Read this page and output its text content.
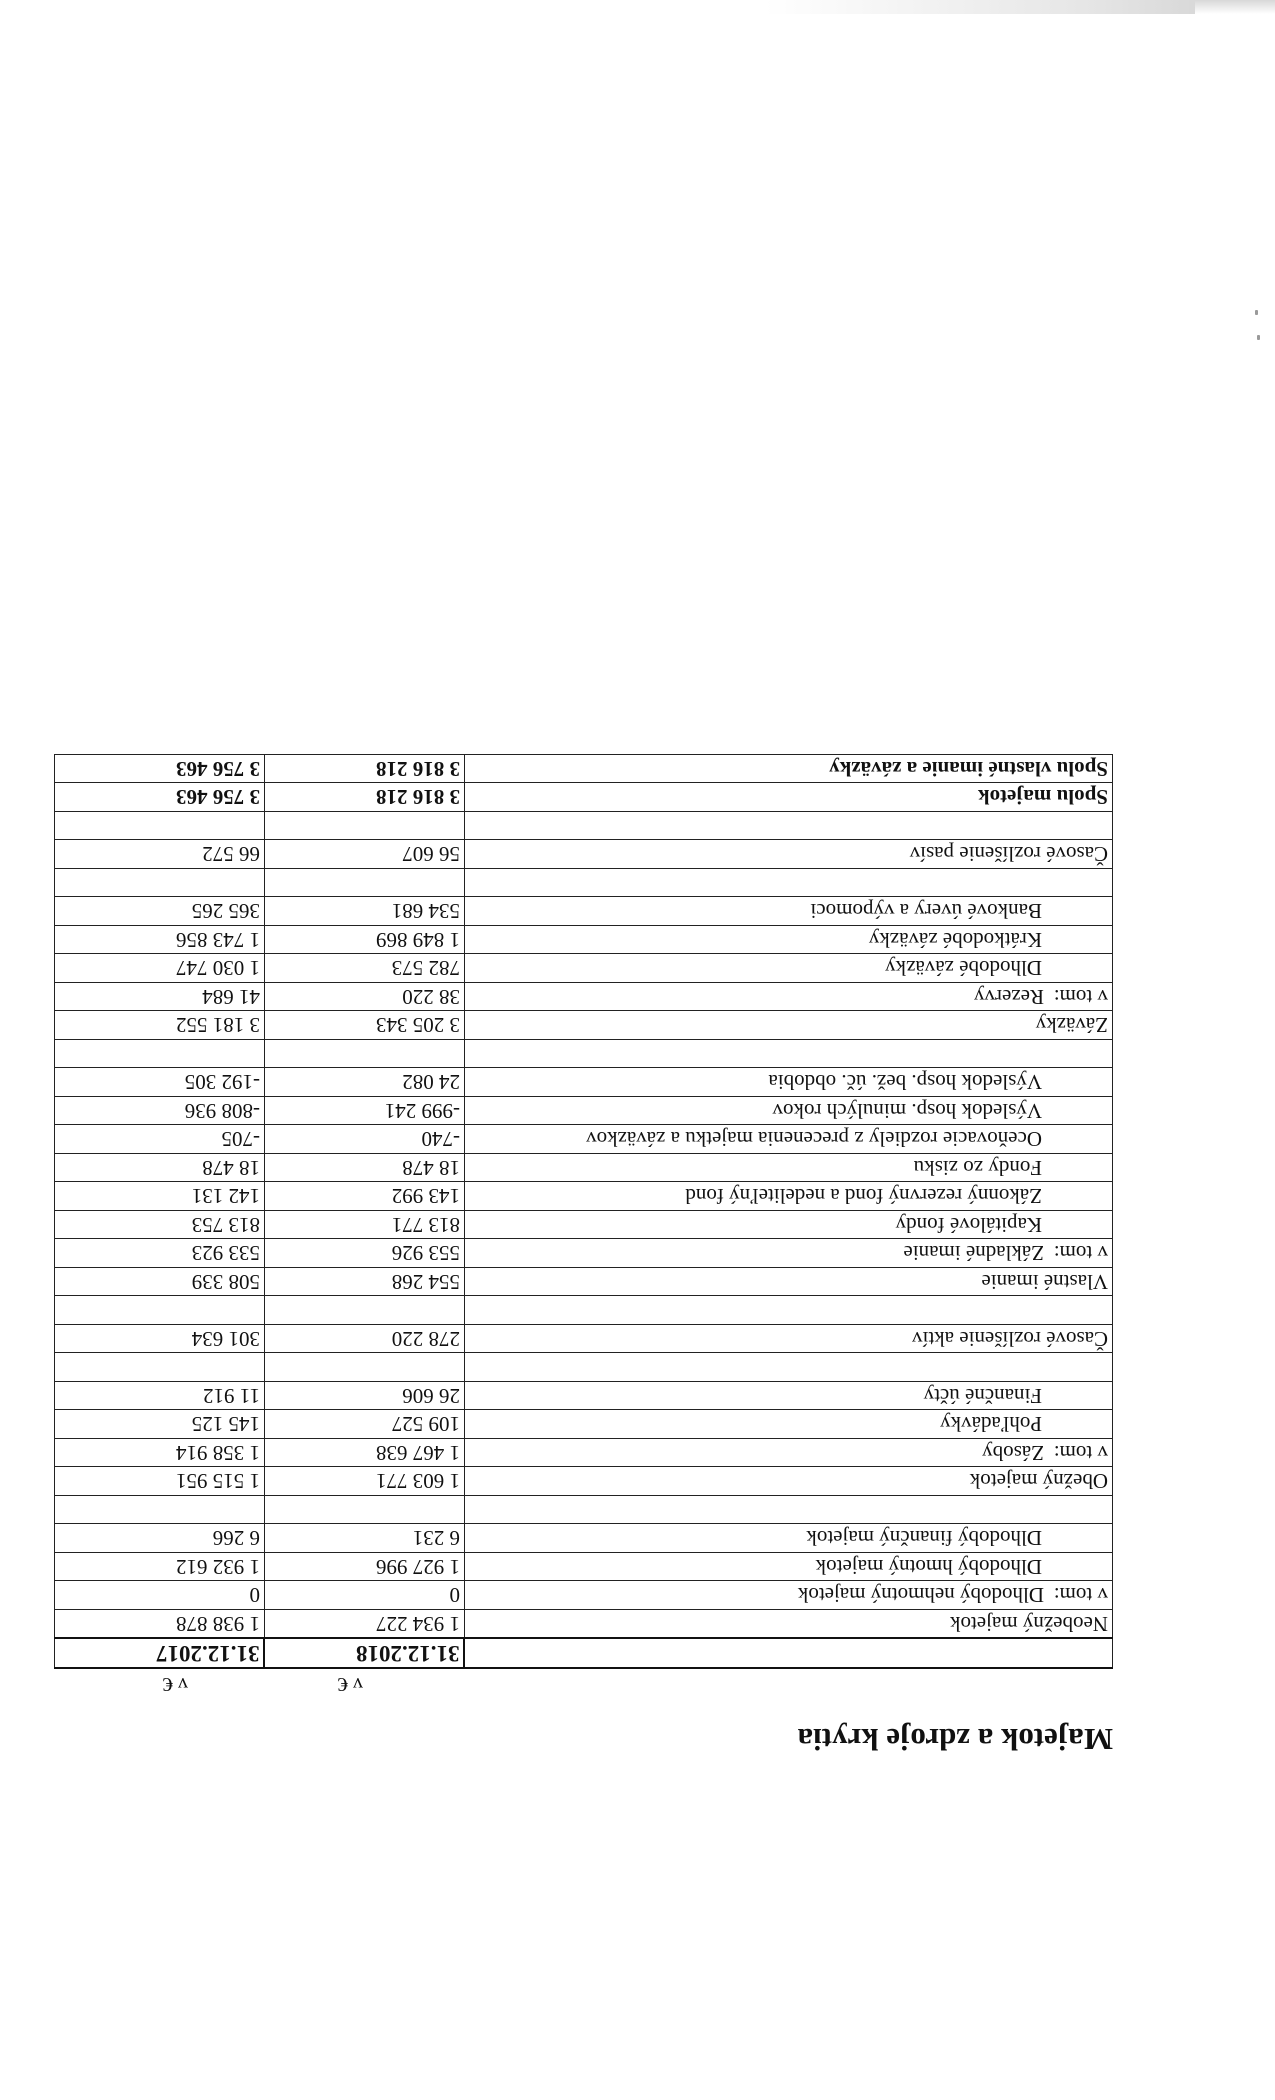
Majetok a zdroje krytia
v €
v €
	31.12.2018	31.12.2017
Neobežný majetok	1 934 227	1 938 878
v tom:Dlhodobý nehmotný majetok	0	0
Dlhodobý hmotný majetok	1 927 996	1 932 612
Dlhodobý finančný majetok	6 231	6 266

Obežný majetok	1 603 771	1 515 951
v tom:Zásoby	1 467 638	1 358 914
Pohľadávky	109 527	145 125
Finančné účty	26 606	11 912

Časové rozlíšenie aktív	278 220	301 634

Vlastné imanie	554 268	508 339
v tom:Základné imanie	553 926	533 923
Kapitálové fondy	813 771	813 753
Zákonný rezervný fond a nedeliteľný fond	143 992	142 131
Fondy zo zisku	18 478	18 478
Oceňovacie rozdiely z precenenia majetku a záväzkov	-740	-705
Výsledok hosp. minulých rokov	-999 241	-808 936
Výsledok hosp. bež. úč. obdobia	24 082	-192 305

Záväzky	3 205 343	3 181 552
v tom:Rezervy	38 220	41 684
Dlhodobé záväzky	782 573	1 030 747
Krátkodobé záväzky	1 849 869	1 743 856
Bankové úvery a výpomoci	534 681	365 265

Časové rozlíšenie pasív	56 607	66 572

Spolu majetok	3 816 218	3 756 463
Spolu vlastné imanie a záväzky	3 816 218	3 756 463
